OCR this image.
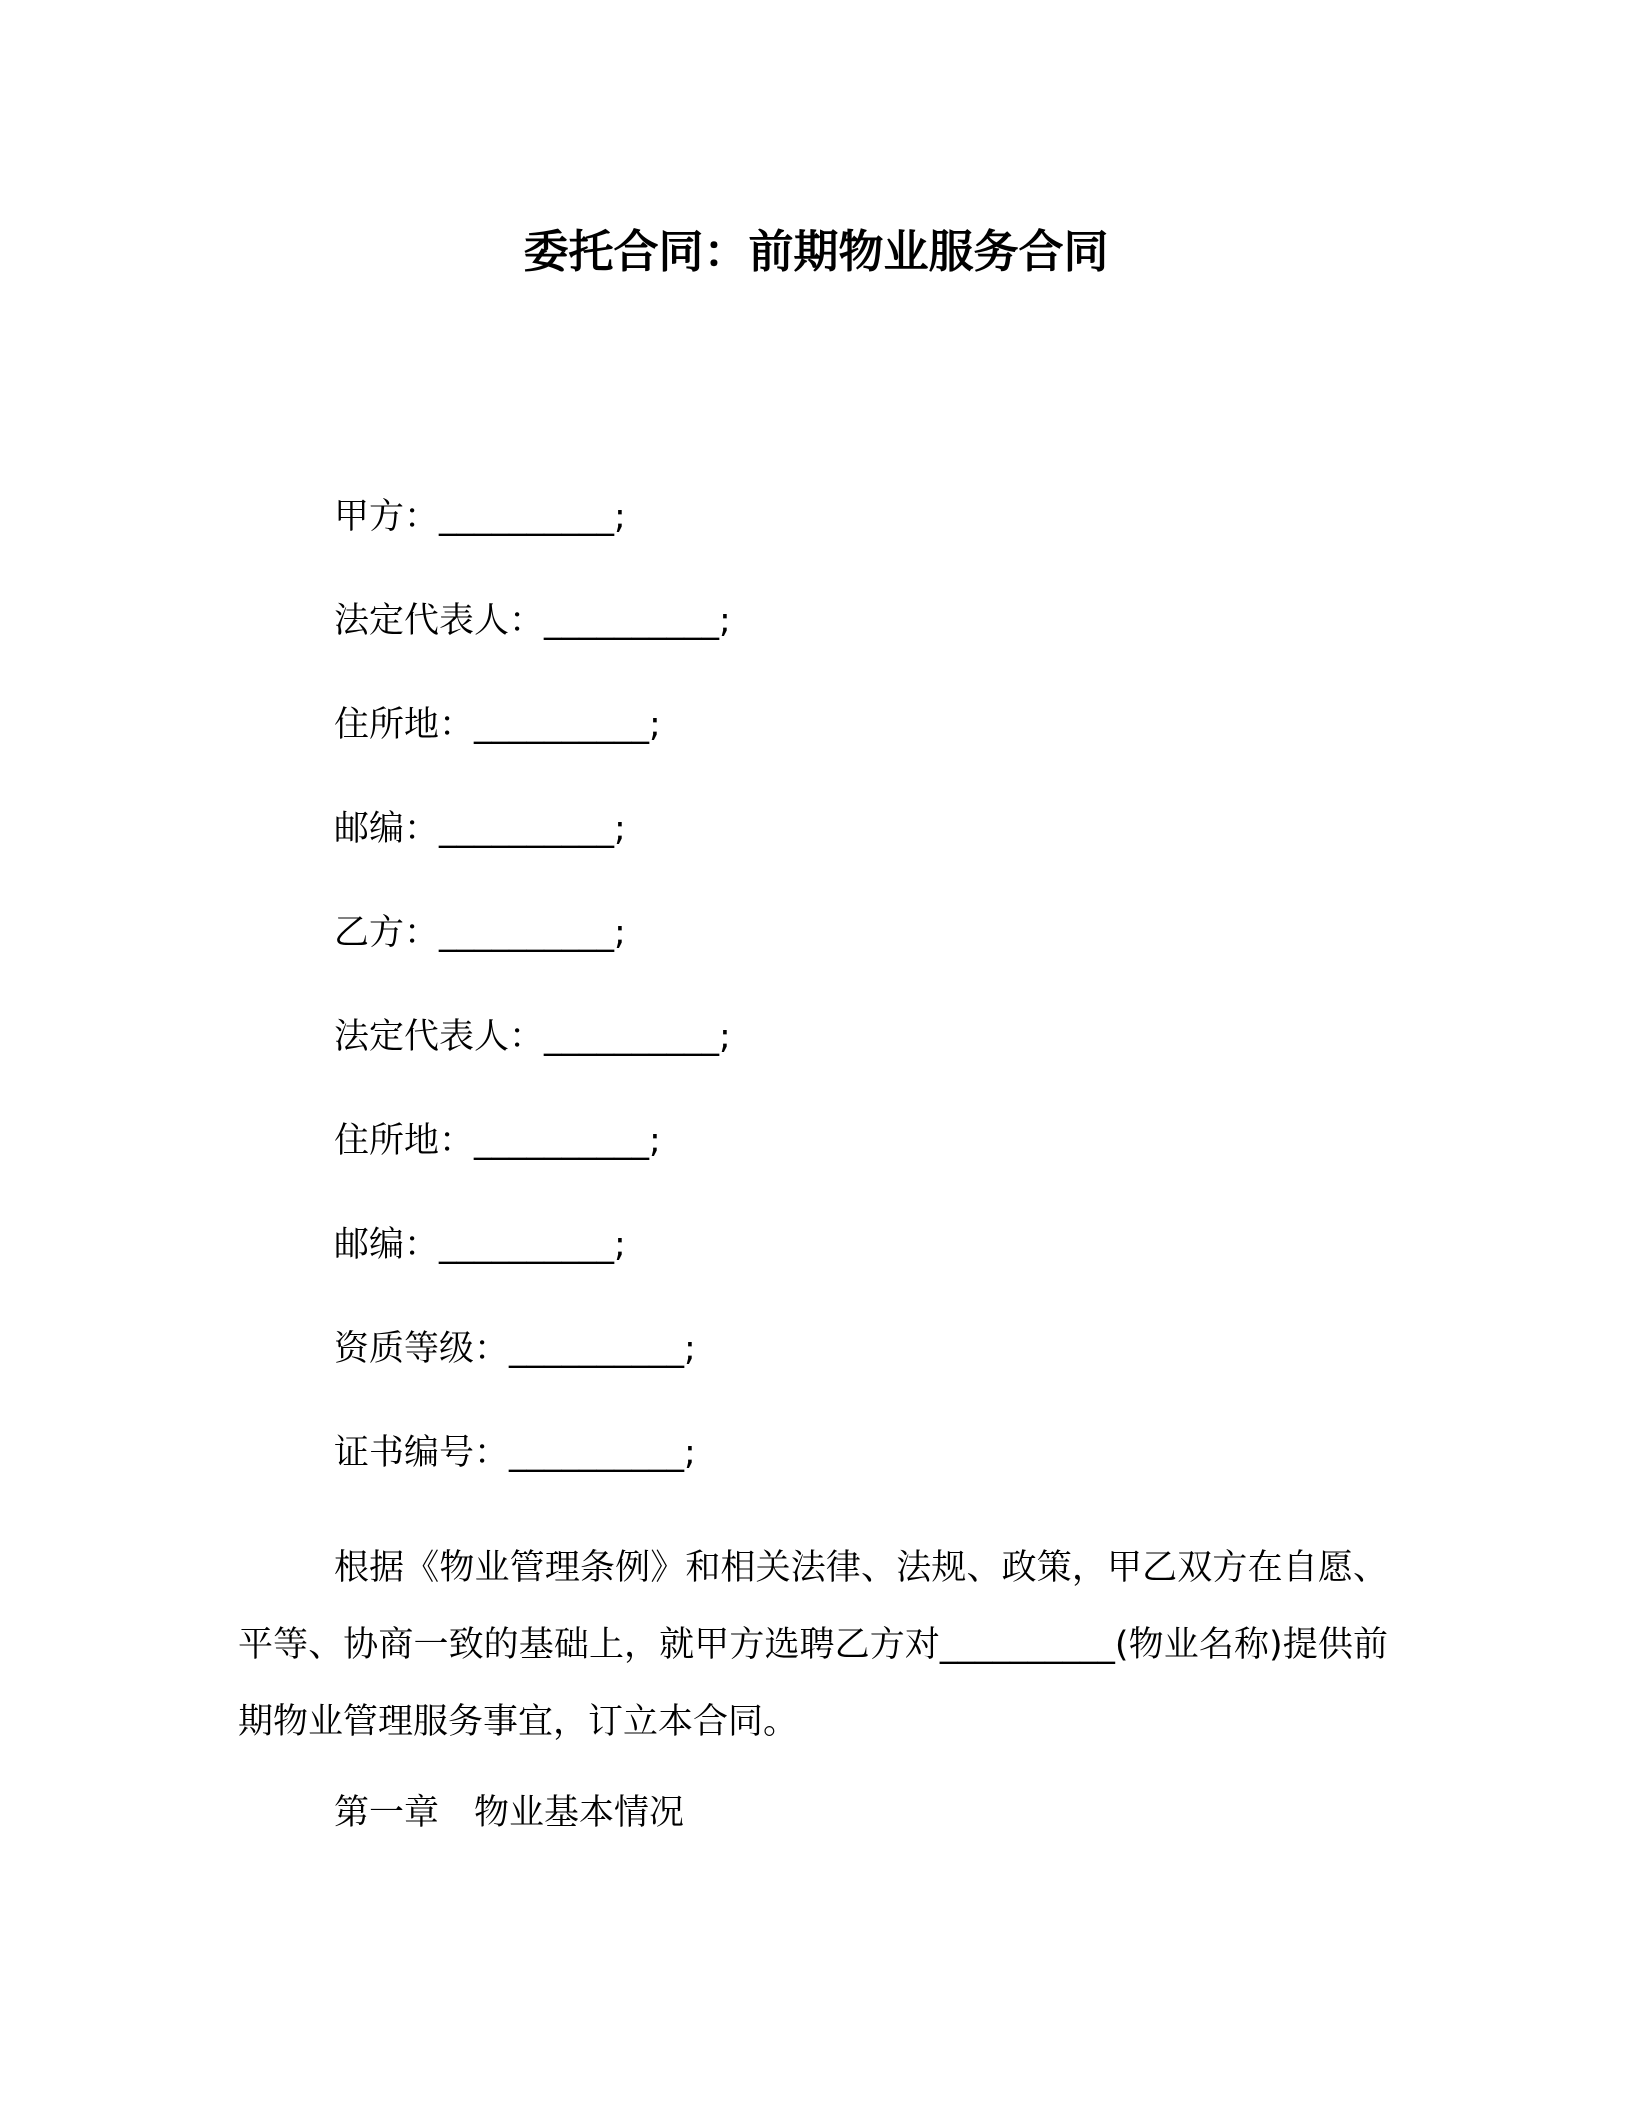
委托合同：前期物业服务合同
甲方：__________;
法定代表人：__________;
住所地：__________;
邮编：__________;
乙方：__________;
法定代表人：__________;
住所地：__________;
邮编：__________;
资质等级：__________;
证书编号：__________;
根据《物业管理条例》和相关法律、法规、政策，甲乙双方在自愿、平等、协商一致的基础上，就甲方选聘乙方对__________(物业名称)提供前期物业管理服务事宜，订立本合同。
第一章　物业基本情况
